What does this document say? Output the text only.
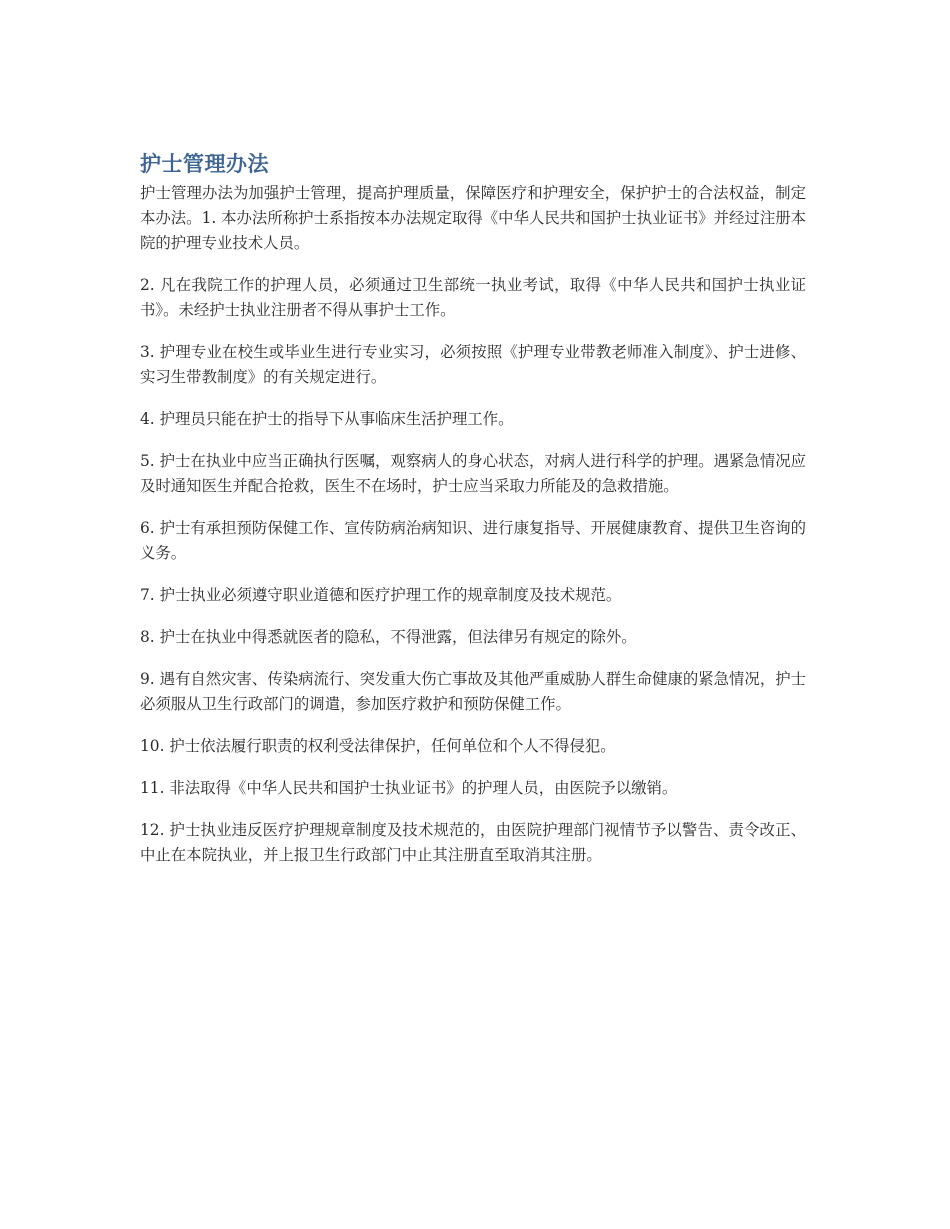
护士管理办法

护士管理办法为加强护士管理，提高护理质量，保障医疗和护理安全，保护护士的合法权益，制定本办法。1. 本办法所称护士系指按本办法规定取得《中华人民共和国护士执业证书》并经过注册本院的护理专业技术人员。

2. 凡在我院工作的护理人员，必须通过卫生部统一执业考试，取得《中华人民共和国护士执业证书》。未经护士执业注册者不得从事护士工作。

3. 护理专业在校生或毕业生进行专业实习，必须按照《护理专业带教老师准入制度》、护士进修、实习生带教制度》的有关规定进行。

4. 护理员只能在护士的指导下从事临床生活护理工作。

5. 护士在执业中应当正确执行医嘱，观察病人的身心状态，对病人进行科学的护理。遇紧急情况应及时通知医生并配合抢救，医生不在场时，护士应当采取力所能及的急救措施。

6. 护士有承担预防保健工作、宣传防病治病知识、进行康复指导、开展健康教育、提供卫生咨询的义务。

7. 护士执业必须遵守职业道德和医疗护理工作的规章制度及技术规范。

8. 护士在执业中得悉就医者的隐私，不得泄露，但法律另有规定的除外。

9. 遇有自然灾害、传染病流行、突发重大伤亡事故及其他严重威胁人群生命健康的紧急情况，护士必须服从卫生行政部门的调遣，参加医疗救护和预防保健工作。

10. 护士依法履行职责的权利受法律保护，任何单位和个人不得侵犯。

11. 非法取得《中华人民共和国护士执业证书》的护理人员，由医院予以缴销。

12. 护士执业违反医疗护理规章制度及技术规范的，由医院护理部门视情节予以警告、责令改正、中止在本院执业，并上报卫生行政部门中止其注册直至取消其注册。
